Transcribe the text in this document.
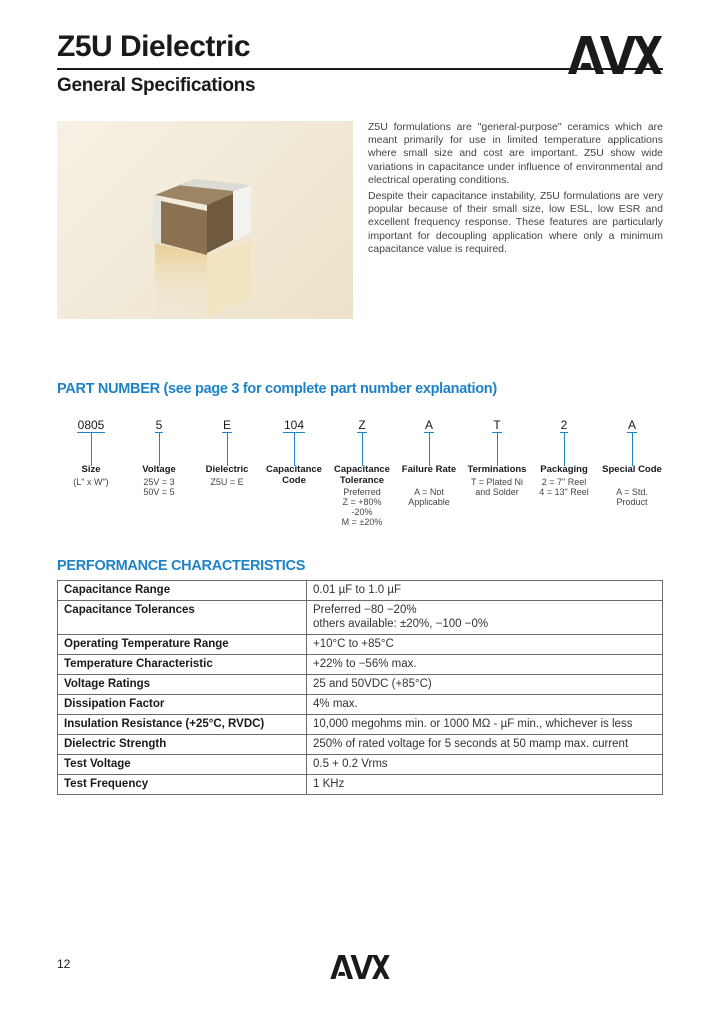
Z5U Dielectric
General Specifications

Z5U formulations are "general-purpose" ceramics which are meant primarily for use in limited temperature applications where small size and cost are important. Z5U show wide variations in capacitance under influence of environmental and electrical operating conditions.

Despite their capacitance instability, Z5U formulations are very popular because of their small size, low ESL, low ESR and excellent frequency response. These features are particularly important for decoupling application where only a minimum capacitance value is required.

PART NUMBER (see page 3 for complete part number explanation)
0805
Size
(L" x W")
5
Voltage
25V = 3
50V = 5
E
Dielectric
Z5U = E
104
Capacitance Code
Z
Capacitance Tolerance
Preferred
Z = +80%
-20%
M = ±20%
A
Failure Rate
A = Not
Applicable
T
Terminations
T = Plated Ni
and Solder
2
Packaging
2 = 7" Reel
4 = 13" Reel
A
Special Code
A = Std.
Product
PERFORMANCE CHARACTERISTICS
Capacitance Range	0.01 µF to 1.0 µF

Capacitance Tolerances	Preferred −80 −20%
others available: ±20%, −100 −0%

Operating Temperature Range	+10°C to +85°C

Temperature Characteristic	+22% to −56% max.

Voltage Ratings	25 and 50VDC (+85°C)

Dissipation Factor	4% max.

Insulation Resistance (+25°C, RVDC)	10,000 megohms min. or 1000 MΩ - µF min., whichever is less

Dielectric Strength	250% of rated voltage for 5 seconds at 50 mamp max. current

Test Voltage	0.5 + 0.2 Vrms

Test Frequency	1 KHz
12
